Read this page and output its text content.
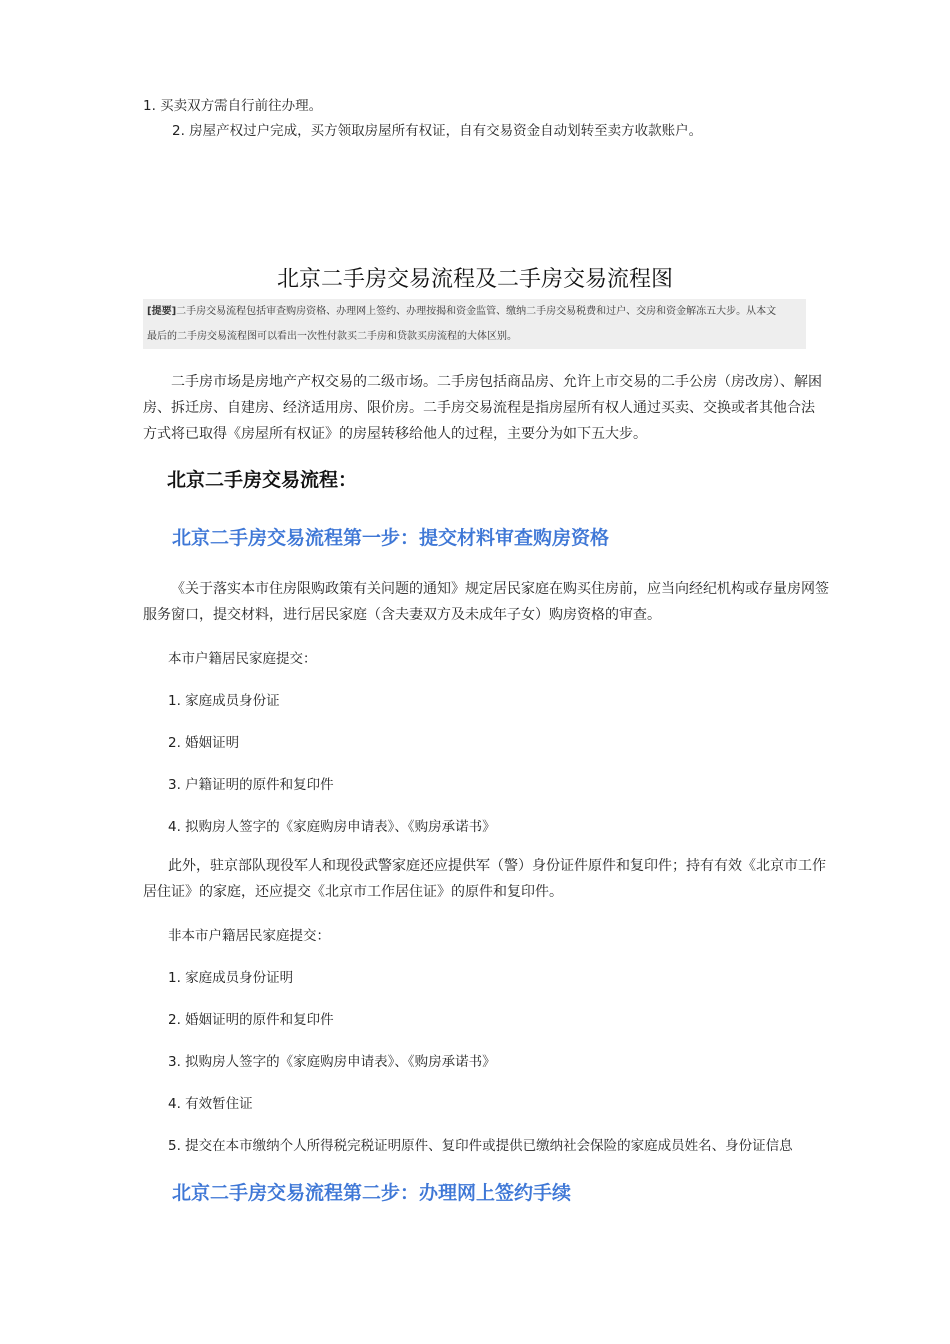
1. 买卖双方需自行前往办理。
2. 房屋产权过户完成，买方领取房屋所有权证，自有交易资金自动划转至卖方收款账户。
北京二手房交易流程及二手房交易流程图
[提要]二手房交易流程包括审查购房资格、办理网上签约、办理按揭和资金监管、缴纳二手房交易税费和过户、交房和资金解冻五大步。从本文
最后的二手房交易流程图可以看出一次性付款买二手房和贷款买房流程的大体区别。
二手房市场是房地产产权交易的二级市场。二手房包括商品房、允许上市交易的二手公房（房改房）、解困
房、拆迁房、自建房、经济适用房、限价房。二手房交易流程是指房屋所有权人通过买卖、交换或者其他合法
方式将已取得《房屋所有权证》的房屋转移给他人的过程，主要分为如下五大步。
北京二手房交易流程：
北京二手房交易流程第一步：提交材料审查购房资格
《关于落实本市住房限购政策有关问题的通知》规定居民家庭在购买住房前，应当向经纪机构或存量房网签
服务窗口，提交材料，进行居民家庭（含夫妻双方及未成年子女）购房资格的审查。
本市户籍居民家庭提交：
1. 家庭成员身份证
2. 婚姻证明
3. 户籍证明的原件和复印件
4. 拟购房人签字的《家庭购房申请表》、《购房承诺书》
此外，驻京部队现役军人和现役武警家庭还应提供军（警）身份证件原件和复印件；持有有效《北京市工作
居住证》的家庭，还应提交《北京市工作居住证》的原件和复印件。
非本市户籍居民家庭提交：
1. 家庭成员身份证明
2. 婚姻证明的原件和复印件
3. 拟购房人签字的《家庭购房申请表》、《购房承诺书》
4. 有效暂住证
5. 提交在本市缴纳个人所得税完税证明原件、复印件或提供已缴纳社会保险的家庭成员姓名、身份证信息
北京二手房交易流程第二步：办理网上签约手续
